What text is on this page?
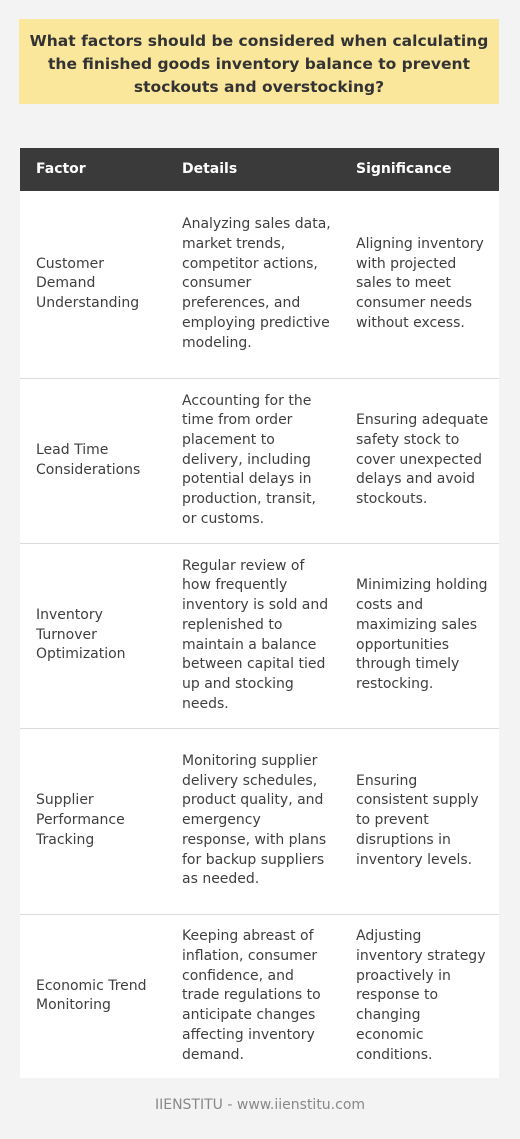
What factors should be considered when calculating the finished goods inventory balance to prevent stockouts and overstocking?
Factor	Details	Significance
Customer Demand Understanding	Analyzing sales data, market trends, competitor actions, consumer preferences, and employing predictive modeling.	Aligning inventory with projected sales to meet consumer needs without excess.
Lead Time Considerations	Accounting for the time from order placement to delivery, including potential delays in production, transit, or customs.	Ensuring adequate safety stock to cover unexpected delays and avoid stockouts.
Inventory Turnover Optimization	Regular review of how frequently inventory is sold and replenished to maintain a balance between capital tied up and stocking needs.	Minimizing holding costs and maximizing sales opportunities through timely restocking.
Supplier Performance Tracking	Monitoring supplier delivery schedules, product quality, and emergency response, with plans for backup suppliers as needed.	Ensuring consistent supply to prevent disruptions in inventory levels.
Economic Trend Monitoring	Keeping abreast of inflation, consumer confidence, and trade regulations to anticipate changes affecting inventory demand.	Adjusting inventory strategy proactively in response to changing economic conditions.
IIENSTITU - www.iienstitu.com
